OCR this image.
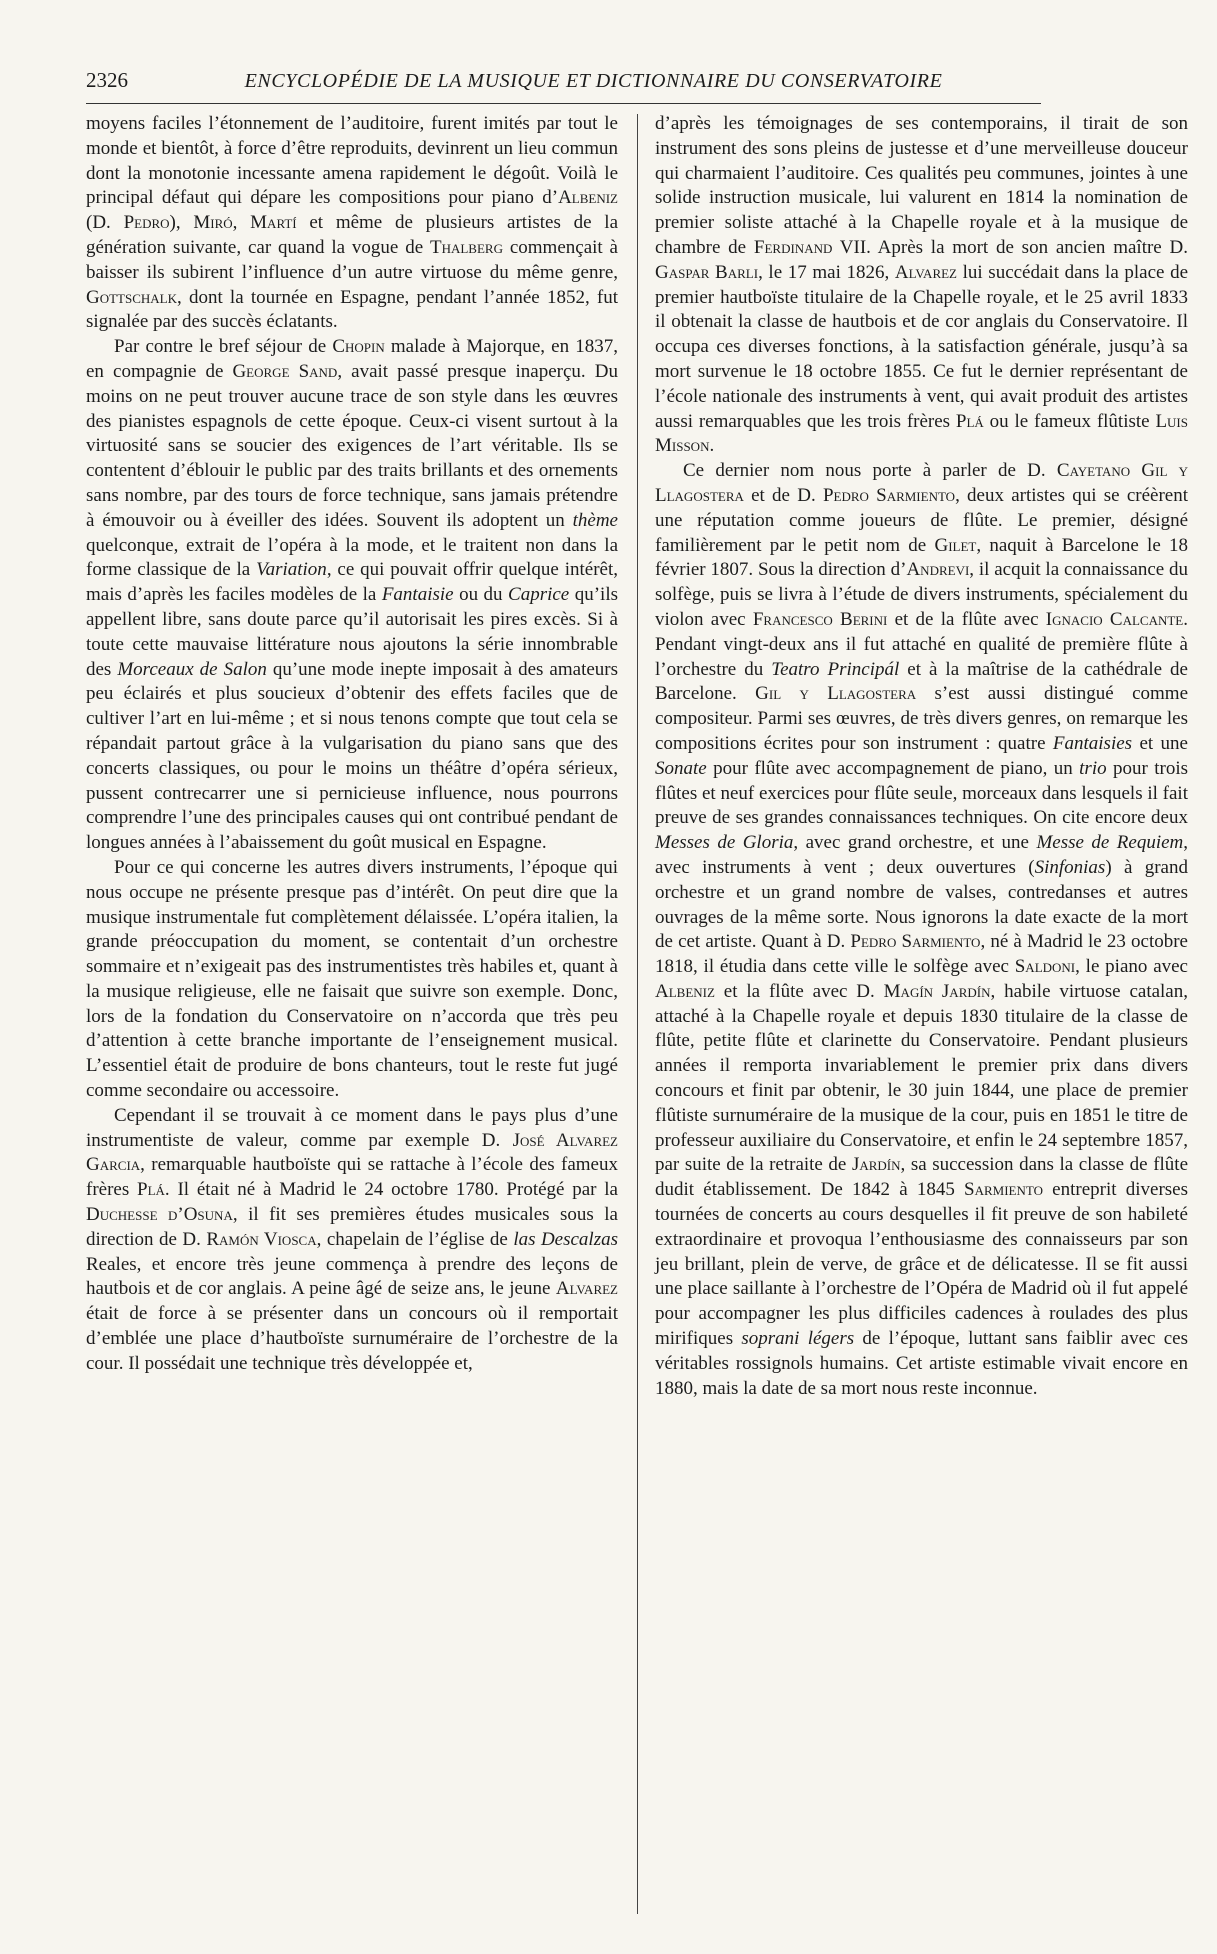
2326	ENCYCLOPÉDIE DE LA MUSIQUE ET DICTIONNAIRE DU CONSERVATOIRE

moyens faciles l’étonnement de l’auditoire, furent imités par tout le monde et bientôt, à force d’être reproduits, devinrent un lieu commun dont la monotonie incessante amena rapidement le dégoût. Voilà le principal défaut qui dépare les compositions pour piano d’Albeniz (D. Pedro), Miró, Martí et même de plusieurs artistes de la génération suivante, car quand la vogue de Thalberg commençait à baisser ils subirent l’influence d’un autre virtuose du même genre, Gottschalk, dont la tournée en Espagne, pendant l’année 1852, fut signalée par des succès éclatants.

Par contre le bref séjour de Chopin malade à Majorque, en 1837, en compagnie de George Sand, avait passé presque inaperçu. Du moins on ne peut trouver aucune trace de son style dans les œuvres des pianistes espagnols de cette époque. Ceux-ci visent surtout à la virtuosité sans se soucier des exigences de l’art véritable. Ils se contentent d’éblouir le public par des traits brillants et des ornements sans nombre, par des tours de force technique, sans jamais prétendre à émouvoir ou à éveiller des idées. Souvent ils adoptent un thème quelconque, extrait de l’opéra à la mode, et le traitent non dans la forme classique de la Variation, ce qui pouvait offrir quelque intérêt, mais d’après les faciles modèles de la Fantaisie ou du Caprice qu’ils appellent libre, sans doute parce qu’il autorisait les pires excès. Si à toute cette mauvaise littérature nous ajoutons la série innombrable des Morceaux de Salon qu’une mode inepte imposait à des amateurs peu éclairés et plus soucieux d’obtenir des effets faciles que de cultiver l’art en lui-même ; et si nous tenons compte que tout cela se répandait partout grâce à la vulgarisation du piano sans que des concerts classiques, ou pour le moins un théâtre d’opéra sérieux, pussent contrecarrer une si pernicieuse influence, nous pourrons comprendre l’une des principales causes qui ont contribué pendant de longues années à l’abaissement du goût musical en Espagne.

Pour ce qui concerne les autres divers instruments, l’époque qui nous occupe ne présente presque pas d’intérêt. On peut dire que la musique instrumentale fut complètement délaissée. L’opéra italien, la grande préoccupation du moment, se contentait d’un orchestre sommaire et n’exigeait pas des instrumentistes très habiles et, quant à la musique religieuse, elle ne faisait que suivre son exemple. Donc, lors de la fondation du Conservatoire on n’accorda que très peu d’attention à cette branche importante de l’enseignement musical. L’essentiel était de produire de bons chanteurs, tout le reste fut jugé comme secondaire ou accessoire.

Cependant il se trouvait à ce moment dans le pays plus d’une instrumentiste de valeur, comme par exemple D. José Alvarez Garcia, remarquable hautboïste qui se rattache à l’école des fameux frères Plá. Il était né à Madrid le 24 octobre 1780. Protégé par la Duchesse d’Osuna, il fit ses premières études musicales sous la direction de D. Ramón Viosca, chapelain de l’église de las Descalzas Reales, et encore très jeune commença à prendre des leçons de hautbois et de cor anglais. A peine âgé de seize ans, le jeune Alvarez était de force à se présenter dans un concours où il remportait d’emblée une place d’hautboïste surnuméraire de l’orchestre de la cour. Il possédait une technique très développée et,

d’après les témoignages de ses contemporains, il tirait de son instrument des sons pleins de justesse et d’une merveilleuse douceur qui charmaient l’auditoire. Ces qualités peu communes, jointes à une solide instruction musicale, lui valurent en 1814 la nomination de premier soliste attaché à la Chapelle royale et à la musique de chambre de Ferdinand VII. Après la mort de son ancien maître D. Gaspar Barli, le 17 mai 1826, Alvarez lui succédait dans la place de premier hautboïste titulaire de la Chapelle royale, et le 25 avril 1833 il obtenait la classe de hautbois et de cor anglais du Conservatoire. Il occupa ces diverses fonctions, à la satisfaction générale, jusqu’à sa mort survenue le 18 octobre 1855. Ce fut le dernier représentant de l’école nationale des instruments à vent, qui avait produit des artistes aussi remarquables que les trois frères Plá ou le fameux flûtiste Luis Misson.

Ce dernier nom nous porte à parler de D. Cayetano Gil y Llagostera et de D. Pedro Sarmiento, deux artistes qui se créèrent une réputation comme joueurs de flûte. Le premier, désigné familièrement par le petit nom de Gilet, naquit à Barcelone le 18 février 1807. Sous la direction d’Andrevi, il acquit la connaissance du solfège, puis se livra à l’étude de divers instruments, spécialement du violon avec Francesco Berini et de la flûte avec Ignacio Calcante. Pendant vingt-deux ans il fut attaché en qualité de première flûte à l’orchestre du Teatro Principál et à la maîtrise de la cathédrale de Barcelone. Gil y Llagostera s’est aussi distingué comme compositeur. Parmi ses œuvres, de très divers genres, on remarque les compositions écrites pour son instrument : quatre Fantaisies et une Sonate pour flûte avec accompagnement de piano, un trio pour trois flûtes et neuf exercices pour flûte seule, morceaux dans lesquels il fait preuve de ses grandes connaissances techniques. On cite encore deux Messes de Gloria, avec grand orchestre, et une Messe de Requiem, avec instruments à vent ; deux ouvertures (Sinfonias) à grand orchestre et un grand nombre de valses, contredanses et autres ouvrages de la même sorte. Nous ignorons la date exacte de la mort de cet artiste. Quant à D. Pedro Sarmiento, né à Madrid le 23 octobre 1818, il étudia dans cette ville le solfège avec Saldoni, le piano avec Albeniz et la flûte avec D. Magín Jardín, habile virtuose catalan, attaché à la Chapelle royale et depuis 1830 titulaire de la classe de flûte, petite flûte et clarinette du Conservatoire. Pendant plusieurs années il remporta invariablement le premier prix dans divers concours et finit par obtenir, le 30 juin 1844, une place de premier flûtiste surnuméraire de la musique de la cour, puis en 1851 le titre de professeur auxiliaire du Conservatoire, et enfin le 24 septembre 1857, par suite de la retraite de Jardín, sa succession dans la classe de flûte dudit établissement. De 1842 à 1845 Sarmiento entreprit diverses tournées de concerts au cours desquelles il fit preuve de son habileté extraordinaire et provoqua l’enthousiasme des connaisseurs par son jeu brillant, plein de verve, de grâce et de délicatesse. Il se fit aussi une place saillante à l’orchestre de l’Opéra de Madrid où il fut appelé pour accompagner les plus difficiles cadences à roulades des plus mirifiques soprani légers de l’époque, luttant sans faiblir avec ces véritables rossignols humains. Cet artiste estimable vivait encore en 1880, mais la date de sa mort nous reste inconnue.
